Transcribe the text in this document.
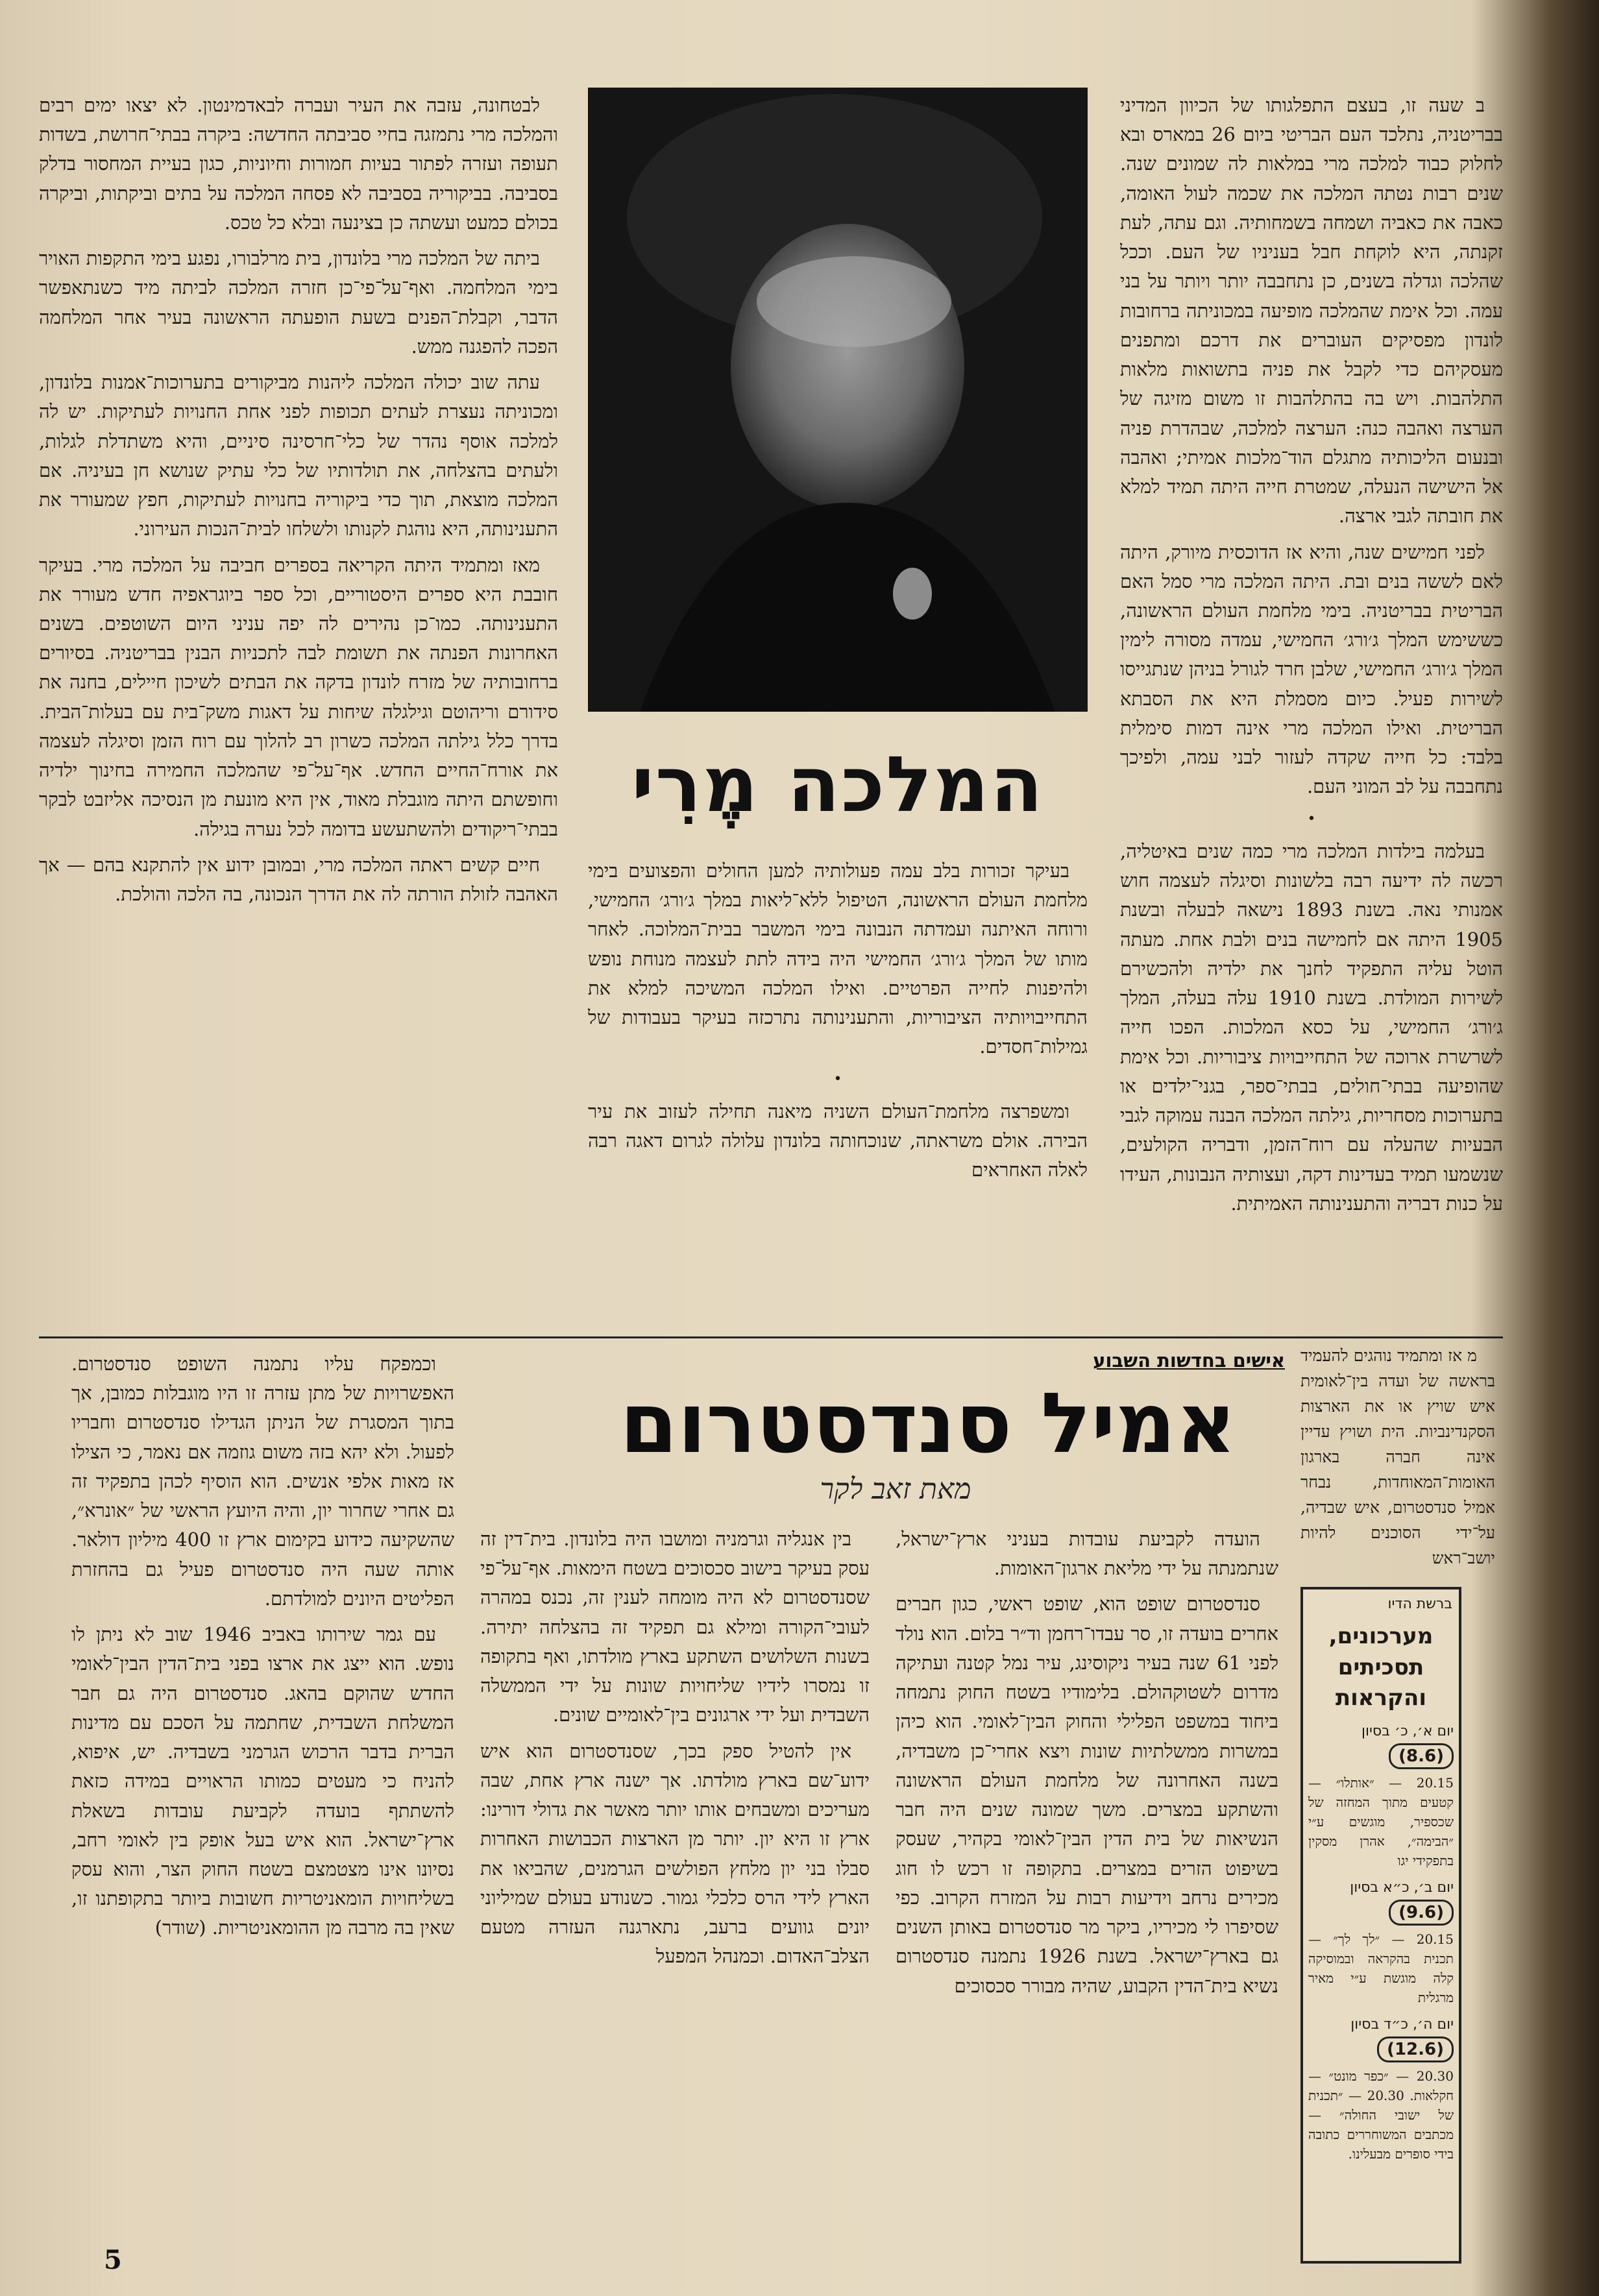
ב שעה זו, בעצם התפלגותו של הכיוון המדיני בבריטניה, נתלכד העם הבריטי ביום 26 במארס ובא לחלוק כבוד למלכה מרי במלאות לה שמונים שנה. שנים רבות נטתה המלכה את שכמה לעול האומה, כאבה את כאביה ושמחה בשמחותיה. וגם עתה, לעת זקנתה, היא לוקחת חבל בעניניו של העם. וככל שהלכה וגדלה בשנים, כן נתחבבה יותר ויותר על בני עמה. וכל אימת שהמלכה מופיעה במכוניתה ברחובות לונדון מפסיקים העוברים את דרכם ומתפנים מעסקיהם כדי לקבל את פניה בתשואות מלאות התלהבות. ויש בה בהתלהבות זו משום מזיגה של הערצה ואהבה כנה: הערצה למלכה, שבהדרת פניה ובנעום הליכותיה מתגלם הוד־מלכות אמיתי; ואהבה אל הישישה הנעלה, שמטרת חייה היתה תמיד למלא את חובתה לגבי ארצה.

לפני חמישים שנה, והיא אז הדוכסית מיורק, היתה לאם לששה בנים ובת. היתה המלכה מרי סמל האם הבריטית בבריטניה. בימי מלחמת העולם הראשונה, כששימש המלך ג׳ורג׳ החמישי, עמדה מסורה לימין המלך ג׳ורג׳ החמישי, שלבן חרד לגורל בניהן שנתגייסו לשירות פעיל. כיום מסמלת היא את הסבתא הבריטית. ואילו המלכה מרי אינה דמות סימלית בלבד: כל חייה שקדה לעזור לבני עמה, ולפיכך נתחבבה על לב המוני העם.

•

בעלמה בילדות המלכה מרי כמה שנים באיטליה, רכשה לה ידיעה רבה בלשונות וסיגלה לעצמה חוש אמנותי נאה. בשנת 1893 נישאה לבעלה ובשנת 1905 היתה אם לחמישה בנים ולבת אחת. מעתה הוטל עליה התפקיד לחנך את ילדיה ולהכשירם לשירות המולדת. בשנת 1910 עלה בעלה, המלך ג׳ורג׳ החמישי, על כסא המלכות. הפכו חייה לשרשרת ארוכה של התחייבויות ציבוריות. וכל אימת שהופיעה בבתי־חולים, בבתי־ספר, בגני־ילדים או בתערוכות מסחריות, גילתה המלכה הבנה עמוקה לגבי הבעיות שהעלה עם רוח־הזמן, ודבריה הקולעים, שנשמעו תמיד בעדינות דקה, ועצותיה הנבונות, העידו על כנות דבריה והתענינותה האמיתית.

המלכה מֶרִי

בעיקר זכורות בלב עמה פעולותיה למען החולים והפצועים בימי מלחמת העולם הראשונה, הטיפול ללא־ליאות במלך ג׳ורג׳ החמישי, ורוחה האיתנה ועמדתה הנבונה בימי המשבר בבית־המלוכה. לאחר מותו של המלך ג׳ורג׳ החמישי היה בידה לתת לעצמה מנוחת נופש ולהיפנות לחייה הפרטיים. ואילו המלכה המשיכה למלא את התחייבויותיה הציבוריות, והתענינותה נתרכזה בעיקר בעבודות של גמילות־חסדים.

•

ומשפרצה מלחמת־העולם השניה מיאנה תחילה לעזוב את עיר הבירה. אולם משראתה, שנוכחותה בלונדון עלולה לגרום דאגה רבה לאלה האחראים

לבטחונה, עזבה את העיר ועברה לבאדמינטון. לא יצאו ימים רבים והמלכה מרי נתמזגה בחיי סביבתה החדשה: ביקרה בבתי־חרושת, בשדות תעופה ועזרה לפתור בעיות חמורות וחיוניות, כגון בעיית המחסור בדלק בסביבה. בביקוריה בסביבה לא פסחה המלכה על בתים וביקתות, וביקרה בכולם כמעט ועשתה כן בצינעה ובלא כל טכס.

ביתה של המלכה מרי בלונדון, בית מרלבורו, נפגע בימי התקפות האויר בימי המלחמה. ואף־על־פי־כן חזרה המלכה לביתה מיד כשנתאפשר הדבר, וקבלת־הפנים בשעת הופעתה הראשונה בעיר אחר המלחמה הפכה להפגנה ממש.

עתה שוב יכולה המלכה ליהנות מביקורים בתערוכות־אמנות בלונדון, ומכוניתה נעצרת לעתים תכופות לפני אחת החנויות לעתיקות. יש לה למלכה אוסף נהדר של כלי־חרסינה סיניים, והיא משתדלת לגלות, ולעתים בהצלחה, את תולדותיו של כלי עתיק שנושא חן בעיניה. אם המלכה מוצאת, תוך כדי ביקוריה בחנויות לעתיקות, חפץ שמעורר את התענינותה, היא נוהגת לקנותו ולשלחו לבית־הנכות העירוני.

מאז ומתמיד היתה הקריאה בספרים חביבה על המלכה מרי. בעיקר חובבת היא ספרים היסטוריים, וכל ספר ביוגראפיה חדש מעורר את התענינותה. כמו־כן נהירים לה יפה עניני היום השוטפים. בשנים האחרונות הפנתה את תשומת לבה לתכניות הבנין בבריטניה. בסיורים ברחובותיה של מזרח לונדון בדקה את הבתים לשיכון חיילים, בחנה את סידורם וריהוטם וגילגלה שיחות על דאגות משק־בית עם בעלות־הבית. בדרך כלל גילתה המלכה כשרון רב להלוך עם רוח הזמן וסיגלה לעצמה את אורח־החיים החדש. אף־על־פי שהמלכה החמירה בחינוך ילדיה וחופשתם היתה מוגבלת מאוד, אין היא מונעת מן הנסיכה אליזבט לבקר בבתי־ריקודים ולהשתעשע בדומה לכל נערה בגילה.

חיים קשים ראתה המלכה מרי, ובמובן ידוע אין להתקנא בהם — אך האהבה לזולת הורתה לה את הדרך הנכונה, בה הלכה והולכת.

אישים בחדשות השבוע
אמיל סנדסטרום
מאת זאב לקר

מ אז ומתמיד נוהגים להעמיד בראשה של ועדה בין־לאומית איש שויץ או את הארצות הסקנדינביות. הית ושויץ עדיין אינה חברה בארגון האומות־המאוחדות, נבחר אמיל סנדסטרום, איש שבדיה, על־ידי הסוכנים להיות יושב־ראש

הועדה לקביעת עובדות בעניני ארץ־ישראל, שנתמנתה על ידי מליאת ארגון־האומות.

סנדסטרום שופט הוא, שופט ראשי, כגון חברים אחרים בועדה זו, סר עבדו־רחמן וד״ר בלום. הוא נולד לפני 61 שנה בעיר ניקוסינג, עיר נמל קטנה ועתיקה מדרום לשטוקהולם. בלימודיו בשטח החוק נתמחה ביחוד במשפט הפלילי והחוק הבין־לאומי. הוא כיהן במשרות ממשלתיות שונות ויצא אחרי־כן משבדיה, בשנה האחרונה של מלחמת העולם הראשונה והשתקע במצרים. משך שמונה שנים היה חבר הנשיאות של בית הדין הבין־לאומי בקהיר, שעסק בשיפוט הזרים במצרים. בתקופה זו רכש לו חוג מכירים נרחב וידיעות רבות על המזרח הקרוב. כפי שסיפרו לי מכיריו, ביקר מר סנדסטרום באותן השנים גם בארץ־ישראל. בשנת 1926 נתמנה סנדסטרום נשיא בית־הדין הקבוע, שהיה מבורר סכסוכים

בין אנגליה וגרמניה ומושבו היה בלונדון. בית־דין זה עסק בעיקר בישוב סכסוכים בשטח הימאות. אף־על־פי שסנדסטרום לא היה מומחה לענין זה, נכנס במהרה לעובי־הקורה ומילא גם תפקיד זה בהצלחה יתירה. בשנות השלושים השתקע בארץ מולדתו, ואף בתקופה זו נמסרו לידיו שליחויות שונות על ידי הממשלה השבדית ועל ידי ארגונים בין־לאומיים שונים.

אין להטיל ספק בכך, שסנדסטרום הוא איש ידוע־שם בארץ מולדתו. אך ישנה ארץ אחת, שבה מעריכים ומשבחים אותו יותר מאשר את גדולי דורינו: ארץ זו היא יון. יותר מן הארצות הכבושות האחרות סבלו בני יון מלחץ הפולשים הגרמנים, שהביאו את הארץ לידי הרס כלכלי גמור. כשנודע בעולם שמיליוני יונים גוועים ברעב, נתארגנה העזרה מטעם הצלב־האדום. וכמנהל המפעל

וכמפקח עליו נתמנה השופט סנדסטרום. האפשרויות של מתן עזרה זו היו מוגבלות כמובן, אך בתוך המסגרת של הניתן הגדילו סנדסטרום וחבריו לפעול. ולא יהא בזה משום גוזמה אם נאמר, כי הצילו אז מאות אלפי אנשים. הוא הוסיף לכהן בתפקיד זה גם אחרי שחרור יון, והיה היועץ הראשי של ״אונרא״, שהשקיעה כידוע בקימום ארץ זו 400 מיליון דולאר. אותה שעה היה סנדסטרום פעיל גם בהחזרת הפליטים היונים למולדתם.

עם גמר שירותו באביב 1946 שוב לא ניתן לו נופש. הוא ייצג את ארצו בפני בית־הדין הבין־לאומי החדש שהוקם בהאג. סנדסטרום היה גם חבר המשלחת השבדית, שחתמה על הסכם עם מדינות הברית בדבר הרכוש הגרמני בשבדיה. יש, איפוא, להניח כי מעטים כמותו הראויים במידה כזאת להשתתף בועדה לקביעת עובדות בשאלת ארץ־ישראל. הוא איש בעל אופק בין לאומי רחב, נסיונו אינו מצטמצם בשטח החוק הצר, והוא עסק בשליחויות הומאניטריות חשובות ביותר בתקופתנו זו, שאין בה מרבה מן ההומאניטריות. (שודר)

ברשת הדיו
מערכונים, תסכיתים והקראות
יום א׳, כ׳ בסיון
(8.6)
20.15 — ״אותלו״ — קטעים מתוך המחזה של שכספיר, מוגשים ע״י ״הבימה״, אהרן מסקין בתפקידי יגו
יום ב׳, כ״א בסיון
(9.6)
20.15 — ״לך לך״ — תכנית בהקראה ובמוסיקה קלה מוגשת ע״י מאיר מרגלית
יום ה׳, כ״ד בסיון
(12.6)
20.30 — ״כפר מונט״ — חקלאות. 20.30 — ״תכנית של ישובי החולה״ — מכתבים המשוחררים כתובה בידי סופרים מבעלינו.
5
